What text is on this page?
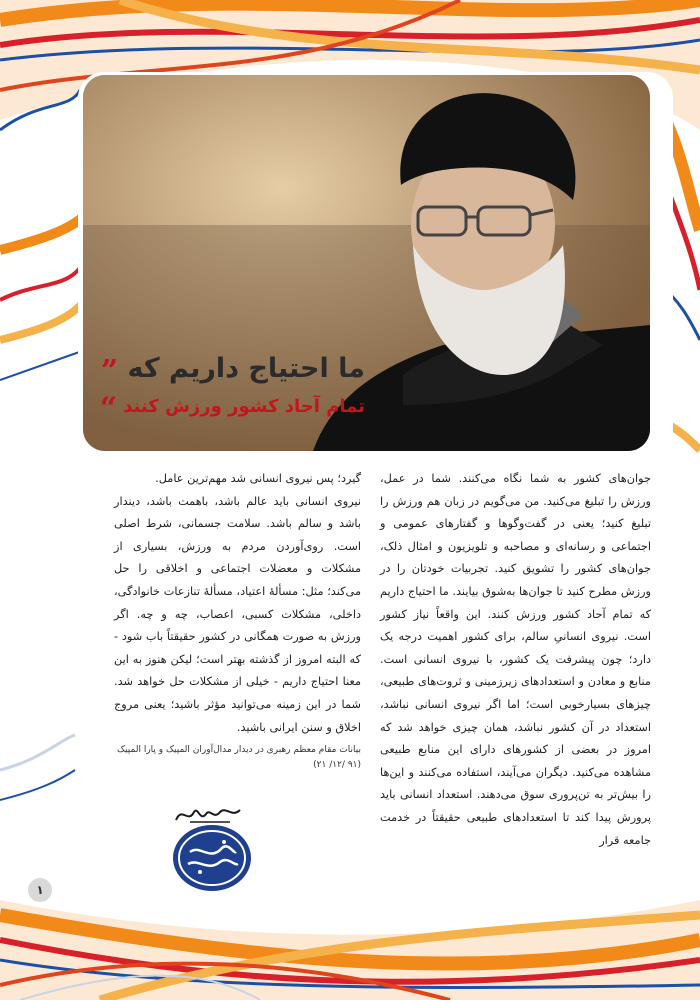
ما احتیاج داریم که ”
تمام آحاد کشور ورزش کنند “

جوان‌های کشور به شما نگاه می‌کنند. شما در عمل، ورزش را تبلیغ می‌کنید. من می‌گویم در زبان هم ورزش را تبلیغ کنید؛ یعنی در گفت‌وگوها و گفتارهای عمومی و اجتماعی و رسانه‌ای و مصاحبه و تلویزیون و امثال ذلک، جوان‌های کشور را تشویق کنید. تجربیات خودتان را در ورزش مطرح کنید تا جوان‌ها به‌شوق بیایند. ما احتیاج داریم که تمام آحاد کشور ورزش کنند. این واقعاً نیاز کشور است. نیروی انسانیِ سالم، برای کشور اهمیت درجه یک دارد؛ چون پیشرفت یک کشور، با نیروی انسانی است. منابع و معادن و استعدادهای زیرزمینی و ثروت‌های طبیعی، چیزهای بسیارخوبی است؛ اما اگر نیروی انسانی نباشد، استعداد در آن کشور نباشد، همان چیزی خواهد شد که امروز در بعضی از کشورهای دارای این منابع طبیعی مشاهده می‌کنید. دیگران می‌آیند، استفاده می‌کنند و این‌ها را بیش‌تر به تن‌پروری سوق می‌دهند. استعداد انسانی باید پرورش پیدا کند تا استعدادهای طبیعی حقیقتاً در خدمت جامعه قرار

گیرد؛ پس نیروی انسانی شد مهم‌ترین عامل.

نیروی انسانی باید عالم باشد، باهمت باشد، دیندار باشد و سالم باشد. سلامت جسمانی، شرط اصلی است. روی‌آوردن مردم به ورزش، بسیاری از مشکلات و معضلات اجتماعی و اخلاقی را حل می‌کند؛ مثل: مسألهٔ اعتیاد، مسألهٔ تنازعات خانوادگی، داخلی، مشکلات کسبی، اعصاب، چه و چه. اگر ورزش به صورت همگانی در کشور حقیقتاً باب شود - که البته امروز از گذشته بهتر است؛ لیکن هنوز به این معنا احتیاج داریم - خیلی از مشکلات حل خواهد شد. شما در این زمینه می‌توانید مؤثر باشید؛ یعنی مروج اخلاق و سنن ایرانی باشید.

بیانات مقام معظم رهبری در دیدار مدال‌آوران المپیک و پارا المپیک
(۹۱ /۱۲/ ۲۱)
۱
